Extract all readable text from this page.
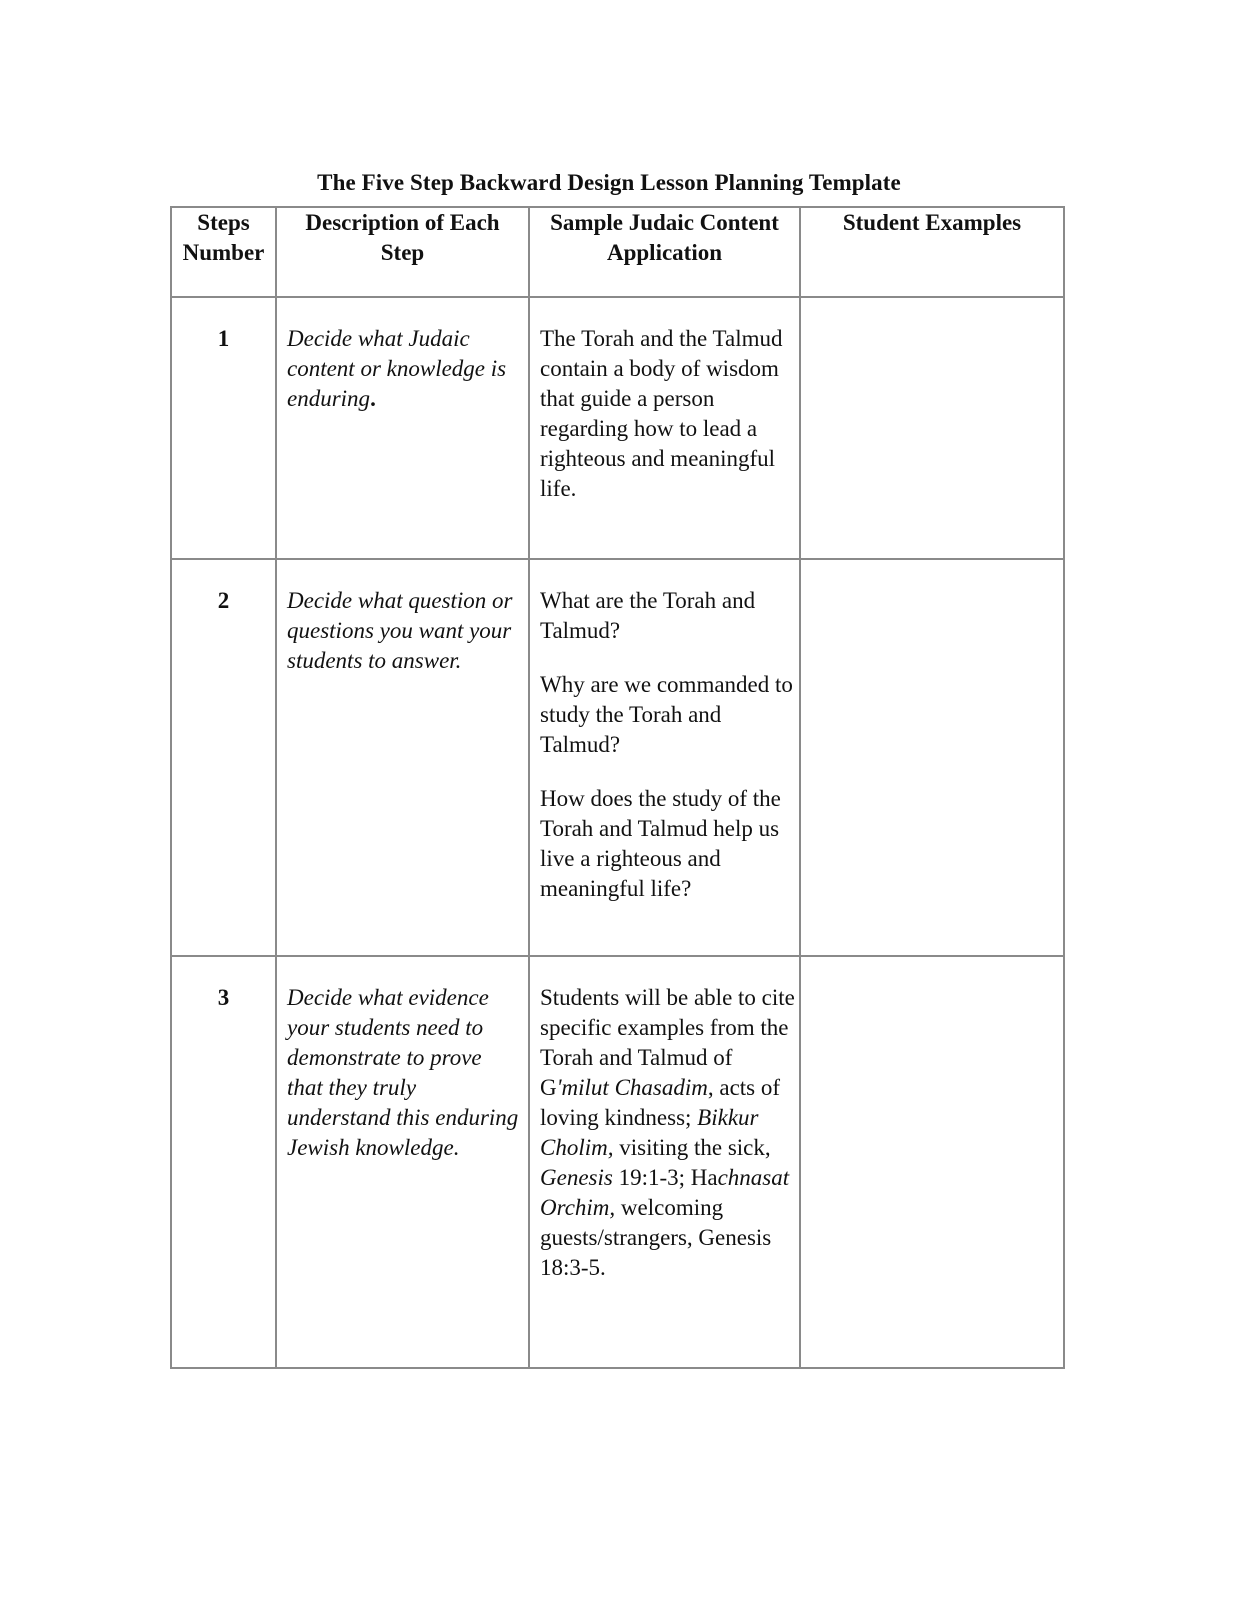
The Five Step Backward Design Lesson Planning Template
Steps Number	Description of Each Step	Sample Judaic Content Application	Student Examples
1	Decide what Judaic content or knowledge is enduring.	The Torah and the Talmud contain a body of wisdom that guide a person regarding how to lead a righteous and meaningful life.	

2	Decide what question or questions you want your students to answer.	What are the Torah and Talmud?

Why are we commanded to study the Torah and Talmud?

How does the study of the Torah and Talmud help us live a righteous and meaningful life?	

3	Decide what evidence your students need to demonstrate to prove that they truly understand this enduring Jewish knowledge.	Students will be able to cite specific examples from the Torah and Talmud of G'milut Chasadim, acts of loving kindness; Bikkur Cholim, visiting the sick, Genesis 19:1-3; Hachnasat Orchim, welcoming guests/strangers, Genesis 18:3-5.	
